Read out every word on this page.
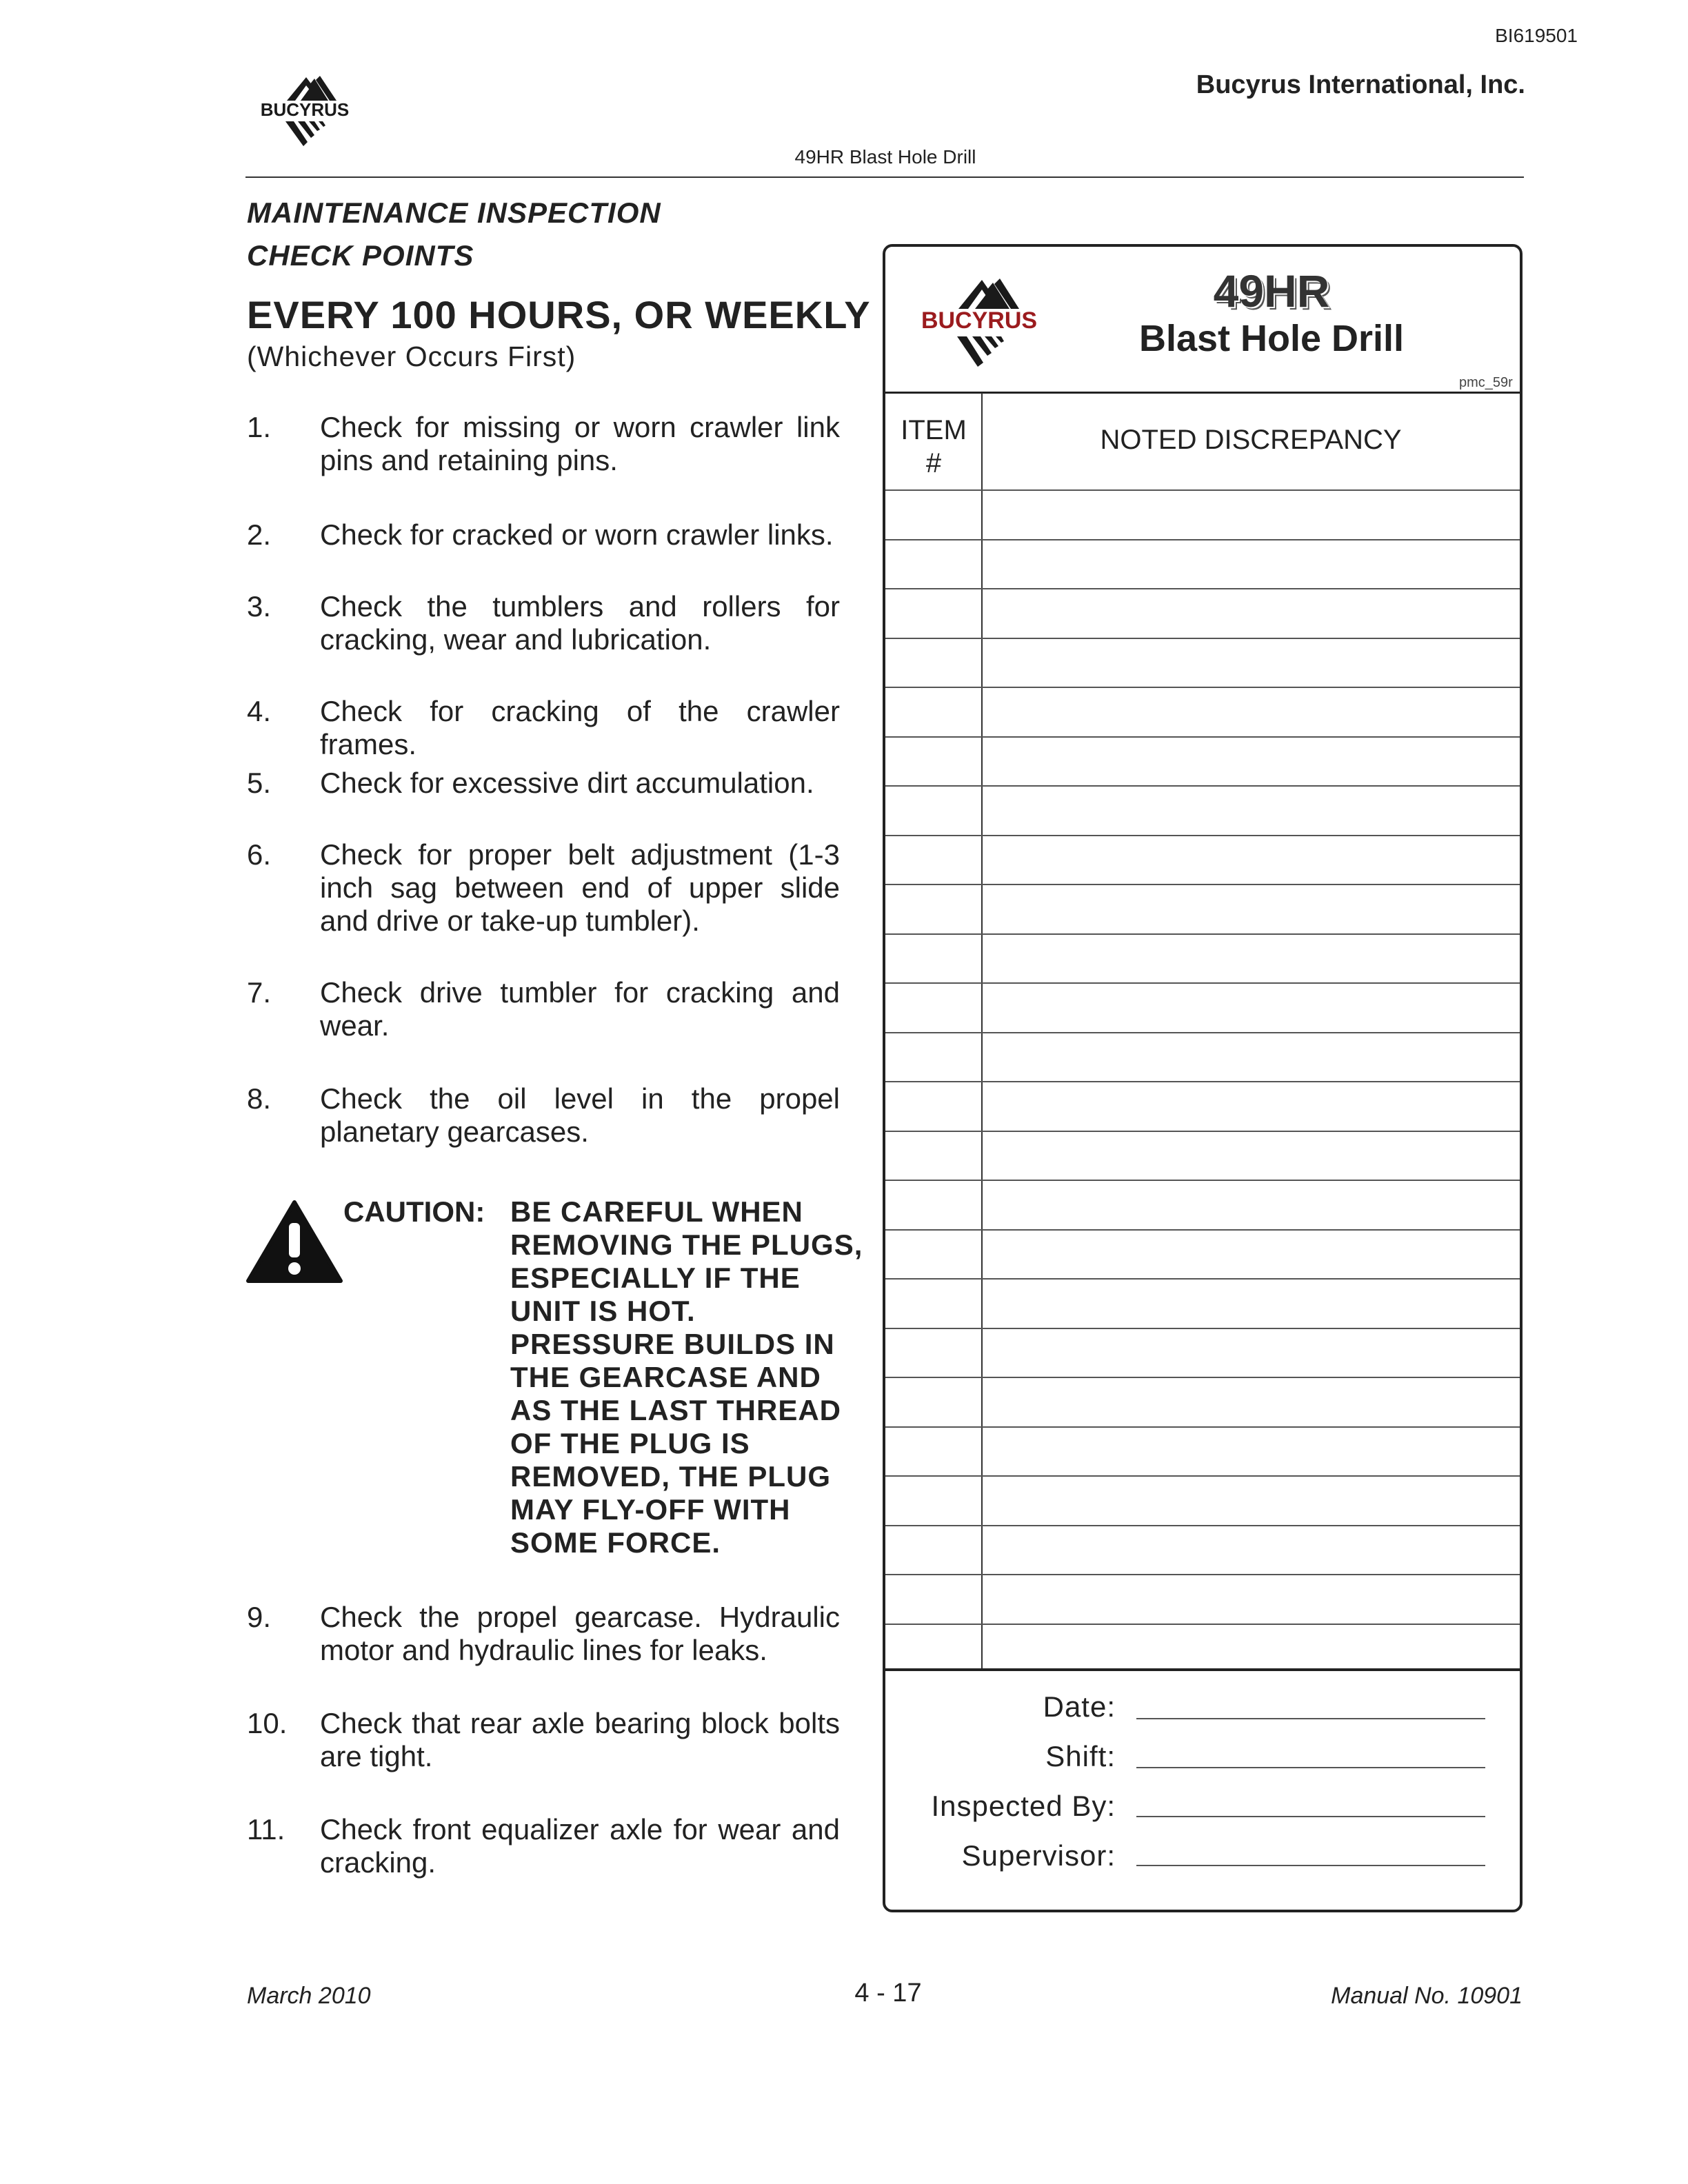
BI619501
Bucyrus International, Inc.
BUCYRUS
49HR Blast Hole Drill
MAINTENANCE INSPECTION
CHECK POINTS
EVERY 100 HOURS, OR WEEKLY
(Whichever Occurs First)
1.	Check for missing or worn crawler link pins and retaining pins.
2.	Check for cracked or worn crawler links.
3.	Check the tumblers and rollers for cracking, wear and lubrication.
4.	Check for cracking of the crawler frames.
5.	Check for excessive dirt accumulation.
6.	Check for proper belt adjustment (1-3 inch sag between end of upper slide and drive or take-up tumbler).
7.	Check drive tumbler for cracking and wear.
8.	Check the oil level in the propel planetary gearcases.
CAUTION: BE CAREFUL WHEN REMOVING THE PLUGS, ESPECIALLY IF THE UNIT IS HOT. PRESSURE BUILDS IN THE GEARCASE AND AS THE LAST THREAD OF THE PLUG IS REMOVED, THE PLUG MAY FLY-OFF WITH SOME FORCE.
9.	Check the propel gearcase. Hydraulic motor and hydraulic lines for leaks.
10.	Check that rear axle bearing block bolts are tight.
11.	Check front equalizer axle for wear and cracking.
BUCYRUS
49HR
Blast Hole Drill
pmc_59r
ITEM
#
NOTED DISCREPANCY
Date:
Shift:
Inspected By:
Supervisor:
March 2010	4 - 17	Manual No. 10901
